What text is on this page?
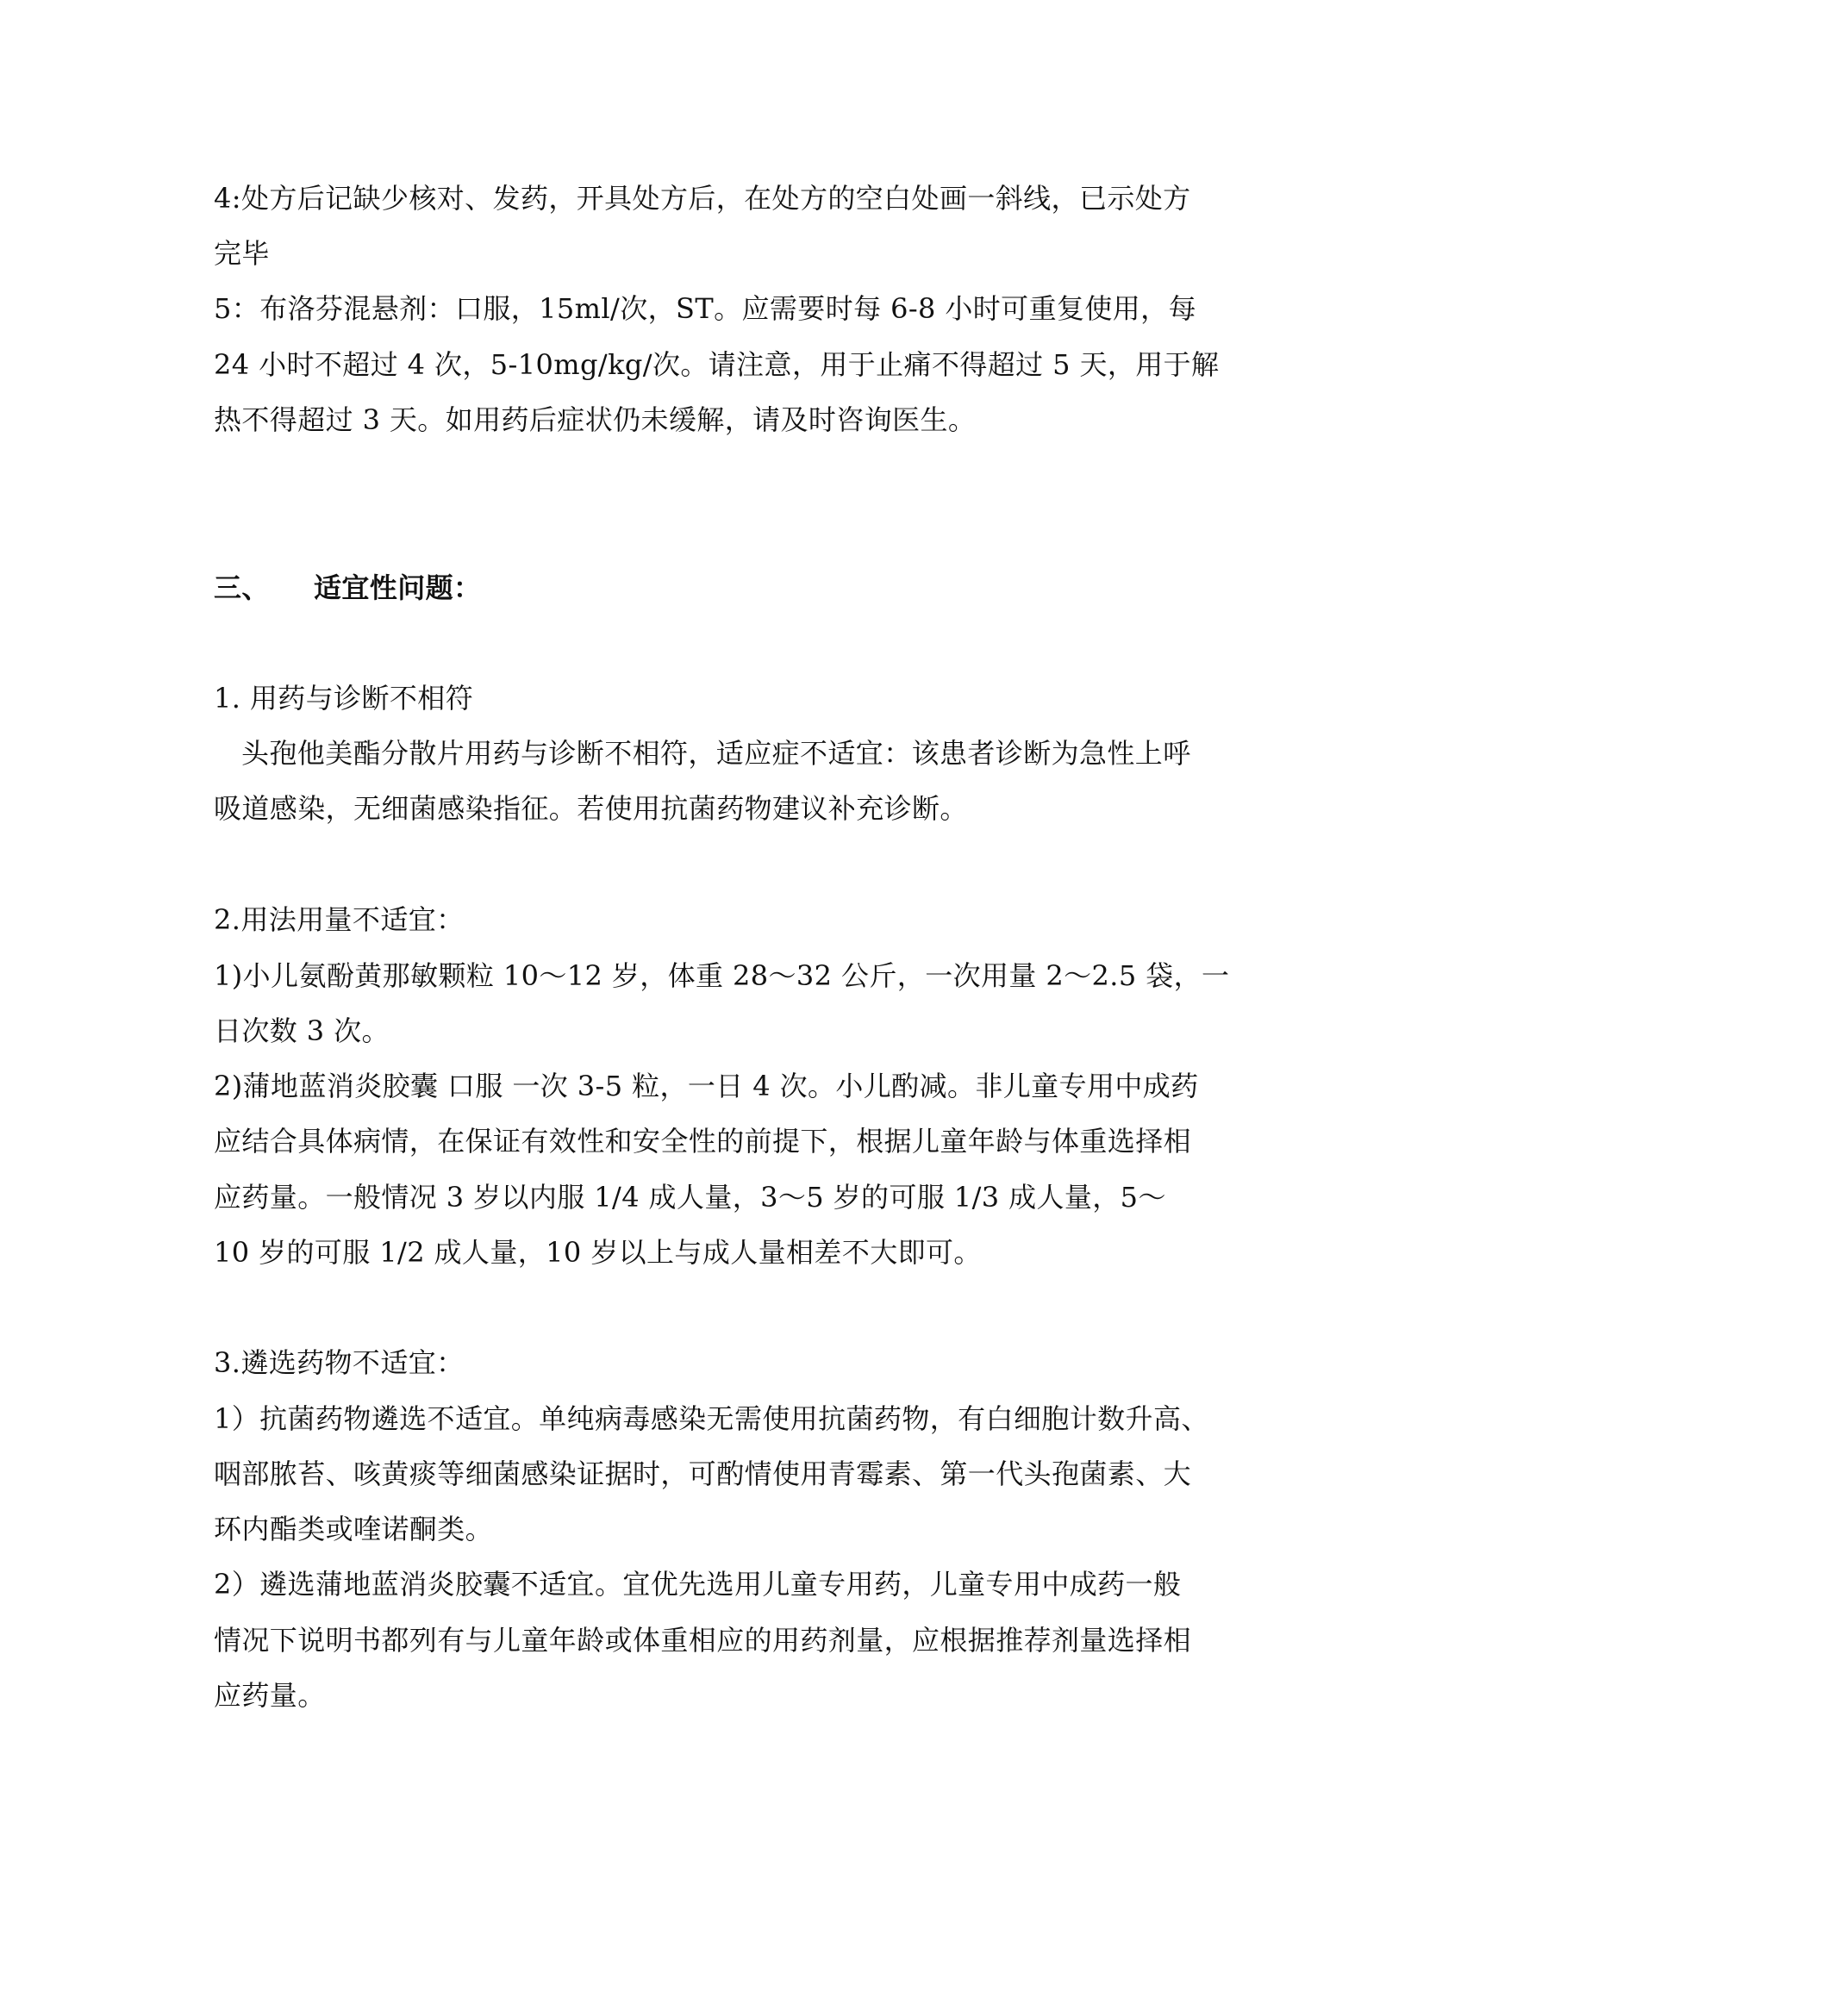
4:处方后记缺少核对、发药，开具处方后，在处方的空白处画一斜线，已示处方
完毕
5：布洛芬混悬剂：口服，15ml/次，ST。应需要时每 6-8 小时可重复使用，每
24 小时不超过 4 次，5-10mg/kg/次。请注意，用于止痛不得超过 5 天，用于解
热不得超过 3 天。如用药后症状仍未缓解，请及时咨询医生。
三、 适宜性问题：
1. 用药与诊断不相符
头孢他美酯分散片用药与诊断不相符，适应症不适宜：该患者诊断为急性上呼
吸道感染，无细菌感染指征。若使用抗菌药物建议补充诊断。
2.用法用量不适宜：
1)小儿氨酚黄那敏颗粒 10～12 岁，体重 28～32 公斤，一次用量 2～2.5 袋，一
日次数 3 次。
2)蒲地蓝消炎胶囊 口服 一次 3-5 粒，一日 4 次。小儿酌减。非儿童专用中成药
应结合具体病情，在保证有效性和安全性的前提下，根据儿童年龄与体重选择相
应药量。一般情况 3 岁以内服 1/4 成人量，3～5 岁的可服 1/3 成人量，5～
10 岁的可服 1/2 成人量，10 岁以上与成人量相差不大即可。
3.遴选药物不适宜：
1）抗菌药物遴选不适宜。单纯病毒感染无需使用抗菌药物，有白细胞计数升高、
咽部脓苔、咳黄痰等细菌感染证据时，可酌情使用青霉素、第一代头孢菌素、大
环内酯类或喹诺酮类。
2）遴选蒲地蓝消炎胶囊不适宜。宜优先选用儿童专用药，儿童专用中成药一般
情况下说明书都列有与儿童年龄或体重相应的用药剂量，应根据推荐剂量选择相
应药量。
